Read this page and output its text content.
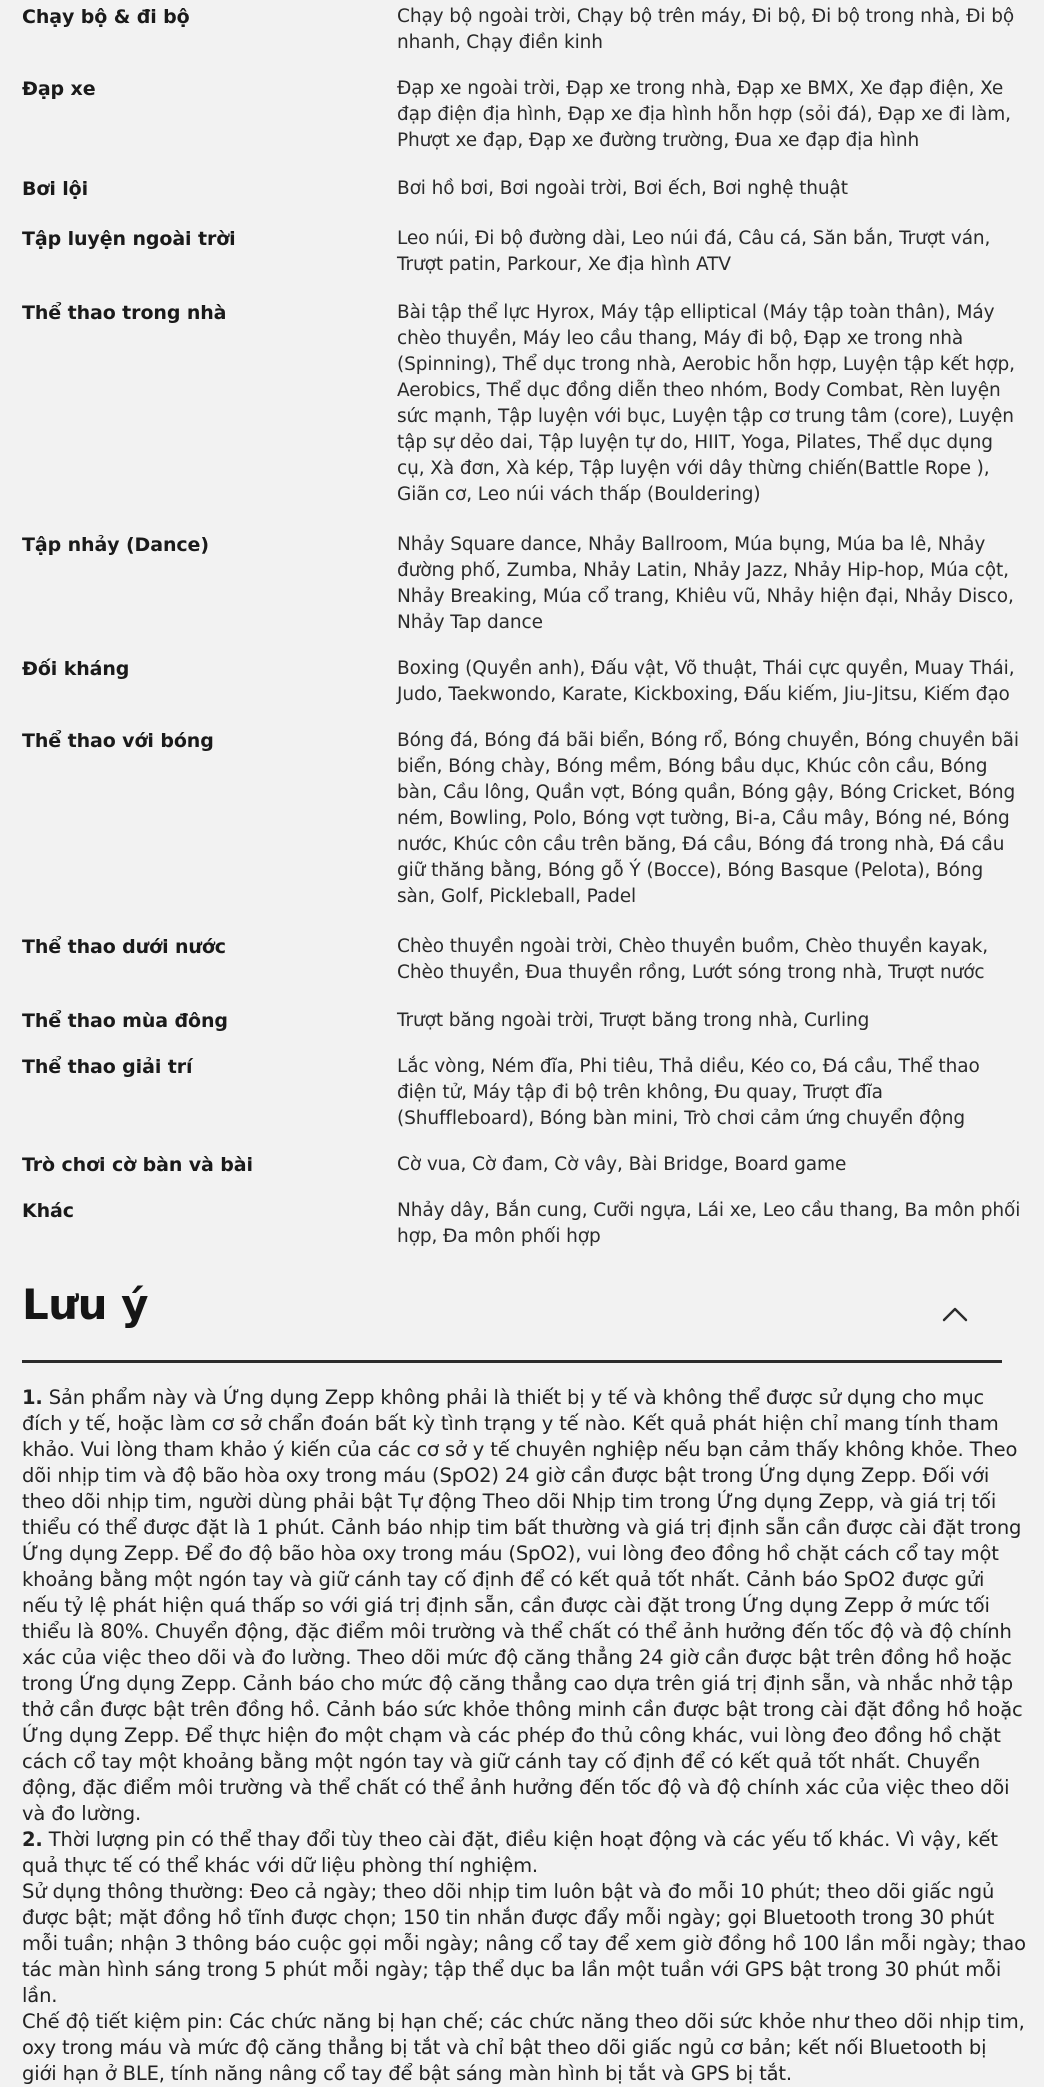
Chạy bộ & đi bộ	Chạy bộ ngoài trời, Chạy bộ trên máy, Đi bộ, Đi bộ trong nhà, Đi bộ nhanh, Chạy điền kinh
Đạp xe	Đạp xe ngoài trời, Đạp xe trong nhà, Đạp xe BMX, Xe đạp điện, Xe đạp điện địa hình, Đạp xe địa hình hỗn hợp (sỏi đá), Đạp xe đi làm, Phượt xe đạp, Đạp xe đường trường, Đua xe đạp địa hình
Bơi lội	Bơi hồ bơi, Bơi ngoài trời, Bơi ếch, Bơi nghệ thuật
Tập luyện ngoài trời	Leo núi, Đi bộ đường dài, Leo núi đá, Câu cá, Săn bắn, Trượt ván, Trượt patin, Parkour, Xe địa hình ATV
Thể thao trong nhà	Bài tập thể lực Hyrox, Máy tập elliptical (Máy tập toàn thân), Máy chèo thuyền, Máy leo cầu thang, Máy đi bộ, Đạp xe trong nhà (Spinning), Thể dục trong nhà, Aerobic hỗn hợp, Luyện tập kết hợp, Aerobics, Thể dục đồng diễn theo nhóm, Body Combat, Rèn luyện sức mạnh, Tập luyện với bục, Luyện tập cơ trung tâm (core), Luyện tập sự dẻo dai, Tập luyện tự do, HIIT, Yoga, Pilates, Thể dục dụng cụ, Xà đơn, Xà kép, Tập luyện với dây thừng chiến(Battle Rope ), Giãn cơ, Leo núi vách thấp (Bouldering)
Tập nhảy (Dance)	Nhảy Square dance, Nhảy Ballroom, Múa bụng, Múa ba lê, Nhảy đường phố, Zumba, Nhảy Latin, Nhảy Jazz, Nhảy Hip-hop, Múa cột, Nhảy Breaking, Múa cổ trang, Khiêu vũ, Nhảy hiện đại, Nhảy Disco, Nhảy Tap dance
Đối kháng	Boxing (Quyền anh), Đấu vật, Võ thuật, Thái cực quyền, Muay Thái, Judo, Taekwondo, Karate, Kickboxing, Đấu kiếm, Jiu-Jitsu, Kiếm đạo
Thể thao với bóng	Bóng đá, Bóng đá bãi biển, Bóng rổ, Bóng chuyền, Bóng chuyền bãi biển, Bóng chày, Bóng mềm, Bóng bầu dục, Khúc côn cầu, Bóng bàn, Cầu lông, Quần vợt, Bóng quần, Bóng gậy, Bóng Cricket, Bóng ném, Bowling, Polo, Bóng vợt tường, Bi-a, Cầu mây, Bóng né, Bóng nước, Khúc côn cầu trên băng, Đá cầu, Bóng đá trong nhà, Đá cầu giữ thăng bằng, Bóng gỗ Ý (Bocce), Bóng Basque (Pelota), Bóng sàn, Golf, Pickleball, Padel
Thể thao dưới nước	Chèo thuyền ngoài trời, Chèo thuyền buồm, Chèo thuyền kayak, Chèo thuyền, Đua thuyền rồng, Lướt sóng trong nhà, Trượt nước
Thể thao mùa đông	Trượt băng ngoài trời, Trượt băng trong nhà, Curling
Thể thao giải trí	Lắc vòng, Ném đĩa, Phi tiêu, Thả diều, Kéo co, Đá cầu, Thể thao điện tử, Máy tập đi bộ trên không, Đu quay, Trượt đĩa (Shuffleboard), Bóng bàn mini, Trò chơi cảm ứng chuyển động
Trò chơi cờ bàn và bài	Cờ vua, Cờ đam, Cờ vây, Bài Bridge, Board game
Khác	Nhảy dây, Bắn cung, Cưỡi ngựa, Lái xe, Leo cầu thang, Ba môn phối hợp, Đa môn phối hợp
Lưu ý

1. Sản phẩm này và Ứng dụng Zepp không phải là thiết bị y tế và không thể được sử dụng cho mục đích y tế, hoặc làm cơ sở chẩn đoán bất kỳ tình trạng y tế nào. Kết quả phát hiện chỉ mang tính tham khảo. Vui lòng tham khảo ý kiến của các cơ sở y tế chuyên nghiệp nếu bạn cảm thấy không khỏe. Theo dõi nhịp tim và độ bão hòa oxy trong máu (SpO2) 24 giờ cần được bật trong Ứng dụng Zepp. Đối với theo dõi nhịp tim, người dùng phải bật Tự động Theo dõi Nhịp tim trong Ứng dụng Zepp, và giá trị tối thiểu có thể được đặt là 1 phút. Cảnh báo nhịp tim bất thường và giá trị định sẵn cần được cài đặt trong Ứng dụng Zepp. Để đo độ bão hòa oxy trong máu (SpO2), vui lòng đeo đồng hồ chặt cách cổ tay một khoảng bằng một ngón tay và giữ cánh tay cố định để có kết quả tốt nhất. Cảnh báo SpO2 được gửi nếu tỷ lệ phát hiện quá thấp so với giá trị định sẵn, cần được cài đặt trong Ứng dụng Zepp ở mức tối thiểu là 80%. Chuyển động, đặc điểm môi trường và thể chất có thể ảnh hưởng đến tốc độ và độ chính xác của việc theo dõi và đo lường. Theo dõi mức độ căng thẳng 24 giờ cần được bật trên đồng hồ hoặc trong Ứng dụng Zepp. Cảnh báo cho mức độ căng thẳng cao dựa trên giá trị định sẵn, và nhắc nhở tập thở cần được bật trên đồng hồ. Cảnh báo sức khỏe thông minh cần được bật trong cài đặt đồng hồ hoặc Ứng dụng Zepp. Để thực hiện đo một chạm và các phép đo thủ công khác, vui lòng đeo đồng hồ chặt cách cổ tay một khoảng bằng một ngón tay và giữ cánh tay cố định để có kết quả tốt nhất. Chuyển động, đặc điểm môi trường và thể chất có thể ảnh hưởng đến tốc độ và độ chính xác của việc theo dõi và đo lường.

2. Thời lượng pin có thể thay đổi tùy theo cài đặt, điều kiện hoạt động và các yếu tố khác. Vì vậy, kết quả thực tế có thể khác với dữ liệu phòng thí nghiệm.

Sử dụng thông thường: Đeo cả ngày; theo dõi nhịp tim luôn bật và đo mỗi 10 phút; theo dõi giấc ngủ được bật; mặt đồng hồ tĩnh được chọn; 150 tin nhắn được đẩy mỗi ngày; gọi Bluetooth trong 30 phút mỗi tuần; nhận 3 thông báo cuộc gọi mỗi ngày; nâng cổ tay để xem giờ đồng hồ 100 lần mỗi ngày; thao tác màn hình sáng trong 5 phút mỗi ngày; tập thể dục ba lần một tuần với GPS bật trong 30 phút mỗi lần.

Chế độ tiết kiệm pin: Các chức năng bị hạn chế; các chức năng theo dõi sức khỏe như theo dõi nhịp tim, oxy trong máu và mức độ căng thẳng bị tắt và chỉ bật theo dõi giấc ngủ cơ bản; kết nối Bluetooth bị giới hạn ở BLE, tính năng nâng cổ tay để bật sáng màn hình bị tắt và GPS bị tắt.
